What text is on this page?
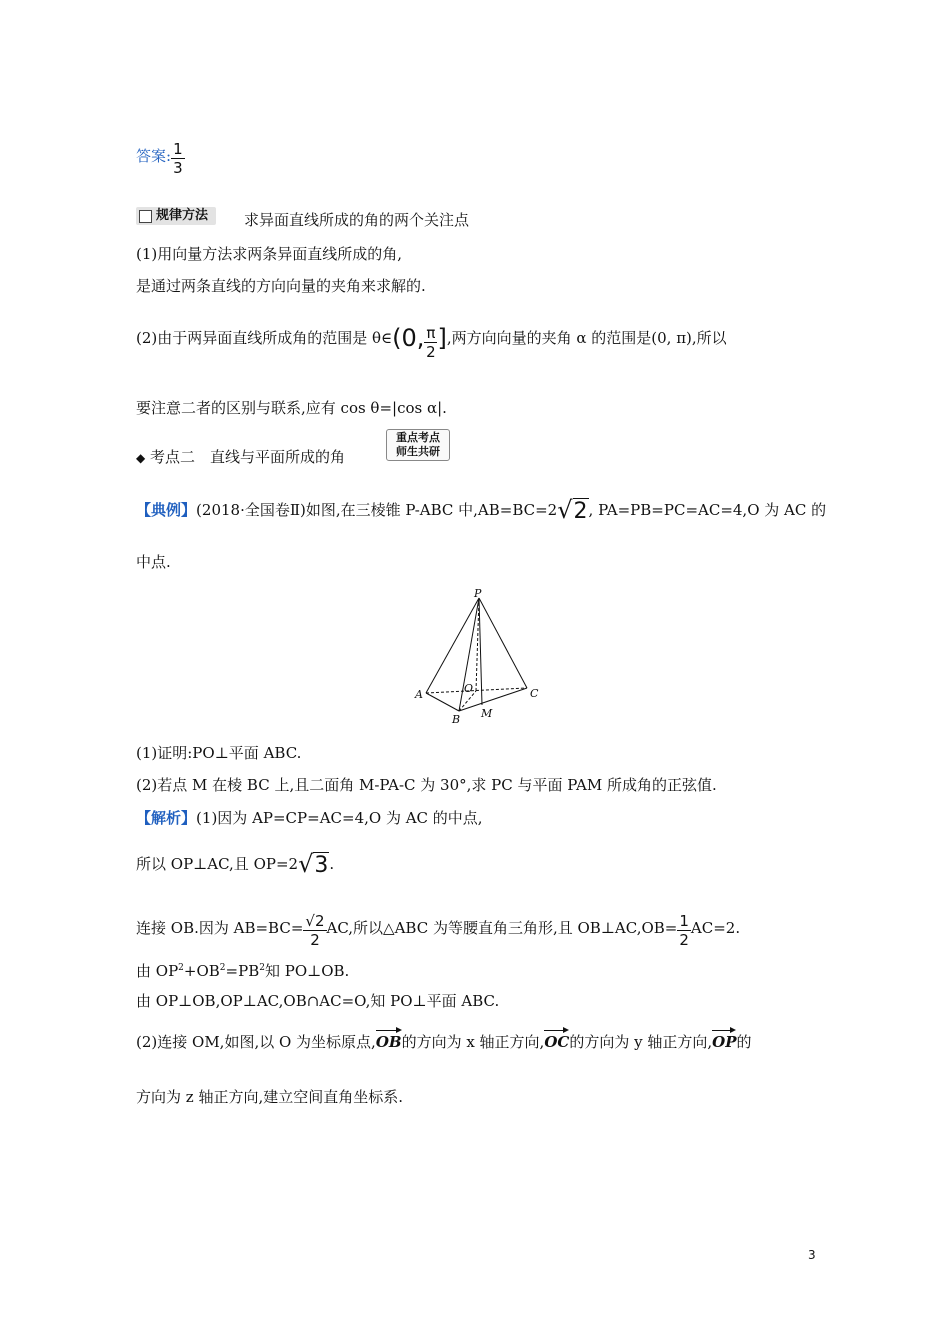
答案: $\frac{1}{3}$
规律方法	求异面直线所成的角的两个关注点
(1)用向量方法求两条异面直线所成的角,
是通过两条直线的方向向量的夹角来求解的.
(2)由于两异面直线所成角的范围是 θ∈(0, $\frac{\pi}{2}$ ],两方向向量的夹角 α 的范围是(0, π),所以
要注意二者的区别与联系,应有 cos θ=|cos α|.
◆ 考点二　直线与平面所成的角
重点考点
师生共研
【典例】(2018·全国卷Ⅱ)如图,在三棱锥 P-ABC 中,AB=BC=2√2, PA=PB=PC=AC=4,O 为 AC 的
中点.
P
A
B
C
O
M
(1)证明:PO⊥平面 ABC.
(2)若点 M 在棱 BC 上,且二面角 M-PA-C 为 30°,求 PC 与平面 PAM 所成角的正弦值.
【解析】(1)因为 AP=CP=AC=4,O 为 AC 的中点,
所以 OP⊥AC,且 OP=2√3.
连接 OB.因为 $AB=BC= \frac{√2}{2}$ AC,所以△ABC 为等腰直角三角形,且 OB⊥AC,OB= $\frac{1}{2} AC=2$.
由 $OP^2+OB^2=PB^2$知 PO⊥OB.
由 OP⊥OB,OP⊥AC,OB∩AC=O,知 PO⊥平面 ABC.
(2)连接 OM,如图,以 O 为坐标原点,OB的方向为 x 轴正方向,OC的方向为 y 轴正方向,OP的
方向为 z 轴正方向,建立空间直角坐标系.
3
